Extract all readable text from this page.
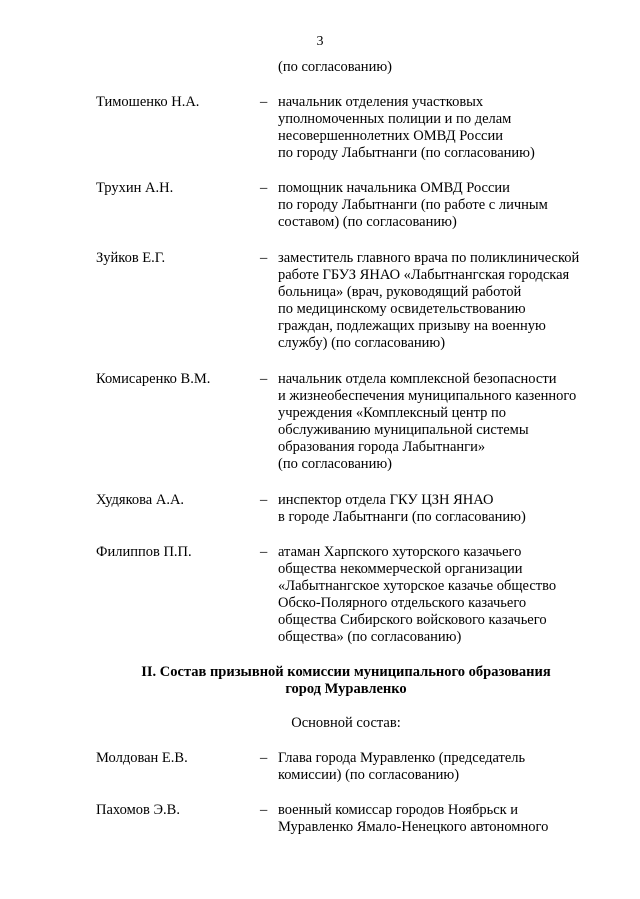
3
(по согласованию)
Тимошенко Н.А.	– начальник отделения участковых
уполномоченных полиции и по делам
несовершеннолетних ОМВД России
по городу Лабытнанги (по согласованию)
Трухин А.Н.	– помощник начальника ОМВД России
по городу Лабытнанги (по работе с личным
составом) (по согласованию)
Зуйков Е.Г.	– заместитель главного врача по поликлинической
работе ГБУЗ ЯНАО «Лабытнангская городская
больница» (врач, руководящий работой
по медицинскому освидетельствованию
граждан, подлежащих призыву на военную
службу) (по согласованию)
Комисаренко В.М.	– начальник отдела комплексной безопасности
и жизнеобеспечения муниципального казенного
учреждения «Комплексный центр по
обслуживанию муниципальной системы
образования города Лабытнанги»
(по согласованию)
Худякова А.А.	– инспектор отдела ГКУ ЦЗН ЯНАО
в городе Лабытнанги (по согласованию)
Филиппов П.П.	– атаман Харпского хуторского казачьего
общества некоммерческой организации
«Лабытнангское хуторское казачье общество
Обско-Полярного отдельского казачьего
общества Сибирского войскового казачьего
общества» (по согласованию)
II. Состав призывной комиссии муниципального образования
город Муравленко
Основной состав:
Молдован Е.В.	– Глава города Муравленко (председатель
комиссии) (по согласованию)
Пахомов Э.В.	– военный комиссар городов Ноябрьск и
Муравленко Ямало-Ненецкого автономного
